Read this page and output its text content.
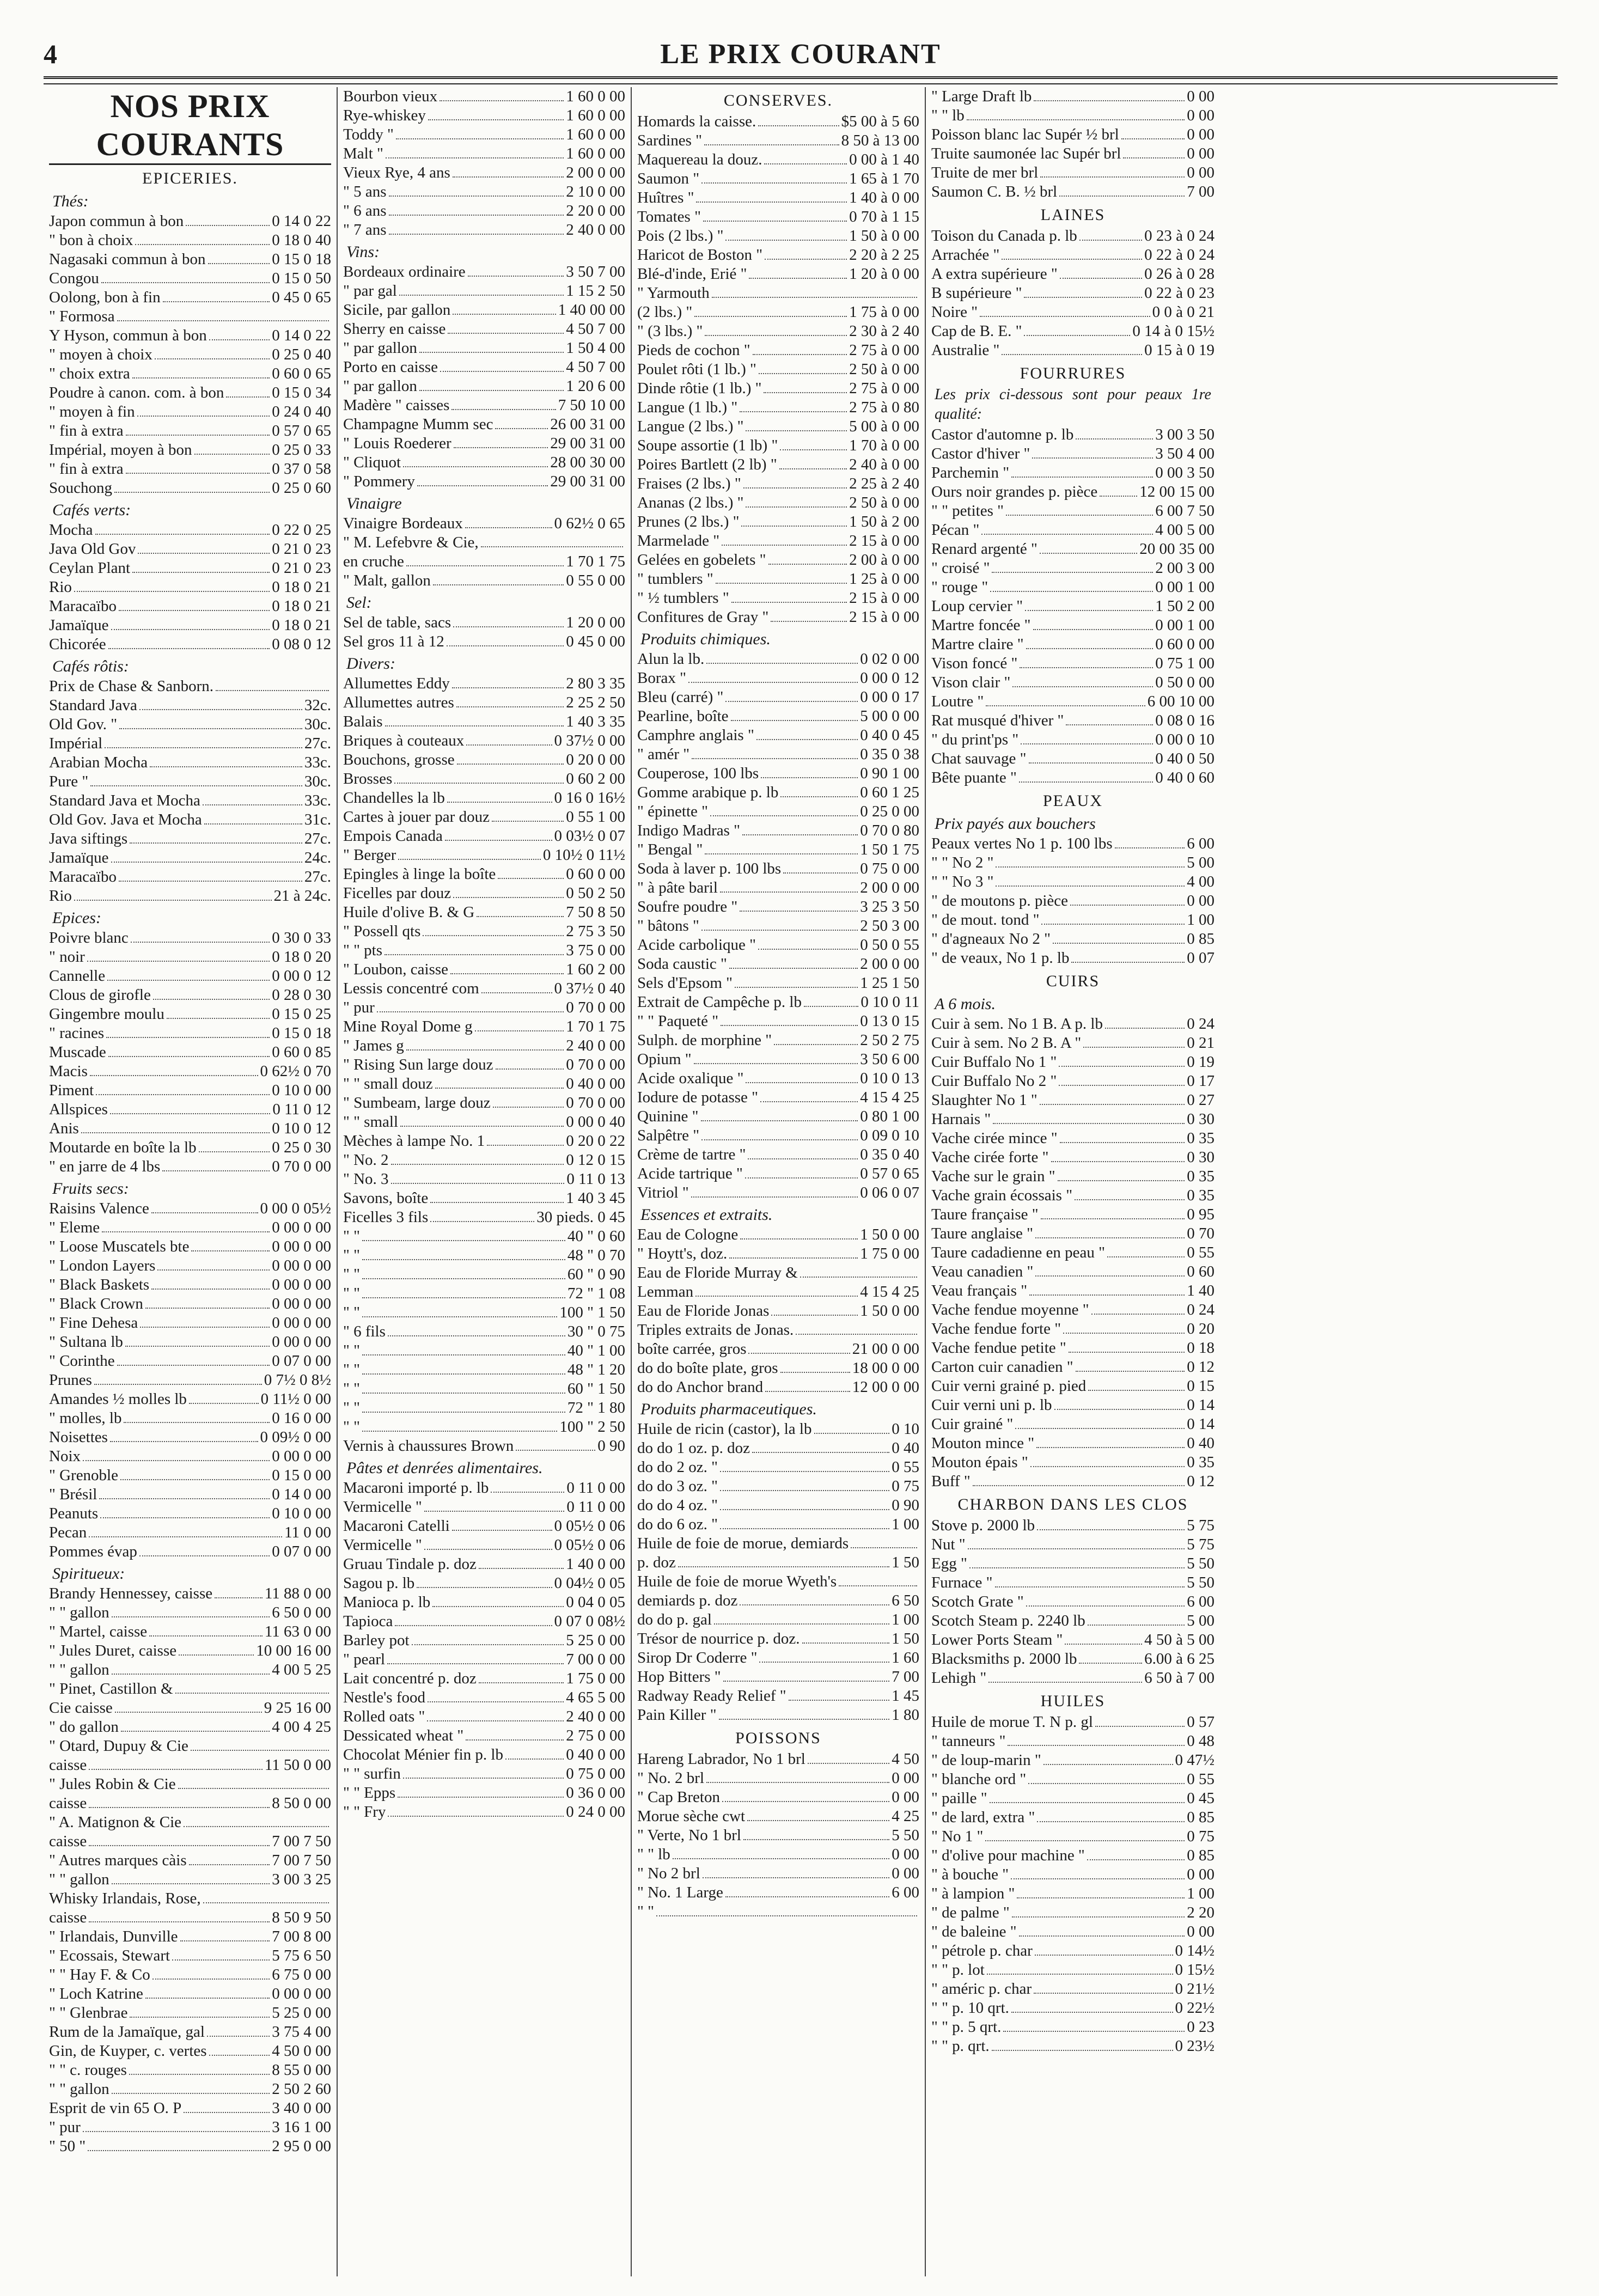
4	LE PRIX COURANT
NOS PRIX COURANTS
EPICERIES.
Thés:
Japon commun à bon	0 14 0 22
" bon à choix	0 18 0 40
Nagasaki commun à bon	0 15 0 18
Congou	0 15 0 50
Oolong, bon à fin	0 45 0 65
" Formosa
Y Hyson, commun à bon	0 14 0 22
" moyen à choix	0 25 0 40
" choix extra	0 60 0 65
Poudre à canon. com. à bon	0 15 0 34
" moyen à fin	0 24 0 40
" fin à extra	0 57 0 65
Impérial, moyen à bon	0 25 0 33
" fin à extra	0 37 0 58
Souchong	0 25 0 60
Cafés verts:
Mocha	0 22 0 25
Java Old Gov	0 21 0 23
Ceylan Plant	0 21 0 23
Rio	0 18 0 21
Maracaïbo	0 18 0 21
Jamaïque	0 18 0 21
Chicorée	0 08 0 12
Cafés rôtis:
Prix de Chase & Sanborn.
Standard Java	32c.
Old Gov. "	30c.
Impérial	27c.
Arabian Mocha	33c.
Pure "	30c.
Standard Java et Mocha	33c.
Old Gov. Java et Mocha	31c.
Java siftings	27c.
Jamaïque	24c.
Maracaïbo	27c.
Rio	21 à 24c.
Epices:
Poivre blanc	0 30 0 33
" noir	0 18 0 20
Cannelle	0 00 0 12
Clous de girofle	0 28 0 30
Gingembre moulu	0 15 0 25
" racines	0 15 0 18
Muscade	0 60 0 85
Macis	0 62½ 0 70
Piment	0 10 0 00
Allspices	0 11 0 12
Anis	0 10 0 12
Moutarde en boîte la lb	0 25 0 30
" en jarre de 4 lbs	0 70 0 00
Fruits secs:
Raisins Valence	0 00 0 05½
" Eleme	0 00 0 00
" Loose Muscatels bte	0 00 0 00
" London Layers	0 00 0 00
" Black Baskets	0 00 0 00
" Black Crown	0 00 0 00
" Fine Dehesa	0 00 0 00
" Sultana lb	0 00 0 00
" Corinthe	0 07 0 00
Prunes	0 7½ 0 8½
Amandes ½ molles lb	0 11½ 0 00
" molles, lb	0 16 0 00
Noisettes	0 09½ 0 00
Noix	0 00 0 00
" Grenoble	0 15 0 00
" Brésil	0 14 0 00
Peanuts	0 10 0 00
Pecan	11 0 00
Pommes évap	0 07 0 00
Spiritueux:
Brandy Hennessey, caisse	11 88 0 00
" " gallon	6 50 0 00
" Martel, caisse	11 63 0 00
" Jules Duret, caisse	10 00 16 00
" " gallon	4 00 5 25
" Pinet, Castillon &
Cie caisse	9 25 16 00
" do gallon	4 00 4 25
" Otard, Dupuy & Cie
caisse	11 50 0 00
" Jules Robin & Cie
caisse	8 50 0 00
" A. Matignon & Cie
caisse	7 00 7 50
" Autres marques càis	7 00 7 50
" " gallon	3 00 3 25
Whisky Irlandais, Rose,
caisse	8 50 9 50
" Irlandais, Dunville	7 00 8 00
" Ecossais, Stewart	5 75 6 50
" " Hay F. & Co	6 75 0 00
" Loch Katrine	0 00 0 00
" " Glenbrae	5 25 0 00
Rum de la Jamaïque, gal	3 75 4 00
Gin, de Kuyper, c. vertes	4 50 0 00
" " c. rouges	8 55 0 00
" " gallon	2 50 2 60
Esprit de vin 65 O. P	3 40 0 00
" pur	3 16 1 00
" 50 "	2 95 0 00
Bourbon vieux	1 60 0 00
Rye-whiskey	1 60 0 00
Toddy "	1 60 0 00
Malt "	1 60 0 00
Vieux Rye, 4 ans	2 00 0 00
" 5 ans	2 10 0 00
" 6 ans	2 20 0 00
" 7 ans	2 40 0 00
Vins:
Bordeaux ordinaire	3 50 7 00
" par gal	1 15 2 50
Sicile, par gallon	1 40 00 00
Sherry en caisse	4 50 7 00
" par gallon	1 50 4 00
Porto en caisse	4 50 7 00
" par gallon	1 20 6 00
Madère " caisses	7 50 10 00
Champagne Mumm sec	26 00 31 00
" Louis Roederer	29 00 31 00
" Cliquot	28 00 30 00
" Pommery	29 00 31 00
Vinaigre
Vinaigre Bordeaux	0 62½ 0 65
" M. Lefebvre & Cie,
en cruche	1 70 1 75
" Malt, gallon	0 55 0 00
Sel:
Sel de table, sacs	1 20 0 00
Sel gros 11 à 12	0 45 0 00
Divers:
Allumettes Eddy	2 80 3 35
Allumettes autres	2 25 2 50
Balais	1 40 3 35
Briques à couteaux	0 37½ 0 00
Bouchons, grosse	0 20 0 00
Brosses	0 60 2 00
Chandelles la lb	0 16 0 16½
Cartes à jouer par douz	0 55 1 00
Empois Canada	0 03½ 0 07
" Berger	0 10½ 0 11½
Epingles à linge la boîte	0 60 0 00
Ficelles par douz	0 50 2 50
Huile d'olive B. & G	7 50 8 50
" Possell qts	2 75 3 50
" " pts	3 75 0 00
" Loubon, caisse	1 60 2 00
Lessis concentré com	0 37½ 0 40
" pur	0 70 0 00
Mine Royal Dome g	1 70 1 75
" James g	2 40 0 00
" Rising Sun large douz	0 70 0 00
" " small douz	0 40 0 00
" Sumbeam, large douz	0 70 0 00
" " small	0 00 0 40
Mèches à lampe No. 1	0 20 0 22
" No. 2	0 12 0 15
" No. 3	0 11 0 13
Savons, boîte	1 40 3 45
Ficelles 3 fils	30 pieds. 0 45
" "	40 " 0 60
" "	48 " 0 70
" "	60 " 0 90
" "	72 " 1 08
" "	100 " 1 50
" 6 fils	30 " 0 75
" "	40 " 1 00
" "	48 " 1 20
" "	60 " 1 50
" "	72 " 1 80
" "	100 " 2 50
Vernis à chaussures Brown	0 90
Pâtes et denrées alimentaires.
Macaroni importé p. lb	0 11 0 00
Vermicelle "	0 11 0 00
Macaroni Catelli	0 05½ 0 06
Vermicelle "	0 05½ 0 06
Gruau Tindale p. doz	1 40 0 00
Sagou p. lb	0 04½ 0 05
Manioca p. lb	0 04 0 05
Tapioca	0 07 0 08½
Barley pot	5 25 0 00
" pearl	7 00 0 00
Lait concentré p. doz	1 75 0 00
Nestle's food	4 65 5 00
Rolled oats "	2 40 0 00
Dessicated wheat "	2 75 0 00
Chocolat Ménier fin p. lb	0 40 0 00
" " surfin	0 75 0 00
" " Epps	0 36 0 00
" " Fry	0 24 0 00
CONSERVES.
Homards la caisse.	$5 00 à 5 60
Sardines "	8 50 à 13 00
Maquereau la douz.	0 00 à 1 40
Saumon "	1 65 à 1 70
Huîtres "	1 40 à 0 00
Tomates "	0 70 à 1 15
Pois (2 lbs.) "	1 50 à 0 00
Haricot de Boston "	2 20 à 2 25
Blé-d'inde, Erié "	1 20 à 0 00
" Yarmouth
(2 lbs.) "	1 75 à 0 00
" (3 lbs.) "	2 30 à 2 40
Pieds de cochon "	2 75 à 0 00
Poulet rôti (1 lb.) "	2 50 à 0 00
Dinde rôtie (1 lb.) "	2 75 à 0 00
Langue (1 lb.) "	2 75 à 0 80
Langue (2 lbs.) "	5 00 à 0 00
Soupe assortie (1 lb) "	1 70 à 0 00
Poires Bartlett (2 lb) "	2 40 à 0 00
Fraises (2 lbs.) "	2 25 à 2 40
Ananas (2 lbs.) "	2 50 à 0 00
Prunes (2 lbs.) "	1 50 à 2 00
Marmelade "	2 15 à 0 00
Gelées en gobelets "	2 00 à 0 00
" tumblers "	1 25 à 0 00
" ½ tumblers "	2 15 à 0 00
Confitures de Gray "	2 15 à 0 00
Produits chimiques.
Alun la lb.	0 02 0 00
Borax "	0 00 0 12
Bleu (carré) "	0 00 0 17
Pearline, boîte	5 00 0 00
Camphre anglais "	0 40 0 45
" amér "	0 35 0 38
Couperose, 100 lbs	0 90 1 00
Gomme arabique p. lb	0 60 1 25
" épinette "	0 25 0 00
Indigo Madras "	0 70 0 80
" Bengal "	1 50 1 75
Soda à laver p. 100 lbs	0 75 0 00
" à pâte baril	2 00 0 00
Soufre poudre "	3 25 3 50
" bâtons "	2 50 3 00
Acide carbolique "	0 50 0 55
Soda caustic "	2 00 0 00
Sels d'Epsom "	1 25 1 50
Extrait de Campêche p. lb	0 10 0 11
" " Paqueté "	0 13 0 15
Sulph. de morphine "	2 50 2 75
Opium "	3 50 6 00
Acide oxalique "	0 10 0 13
Iodure de potasse "	4 15 4 25
Quinine "	0 80 1 00
Salpêtre "	0 09 0 10
Crème de tartre "	0 35 0 40
Acide tartrique "	0 57 0 65
Vitriol "	0 06 0 07
Essences et extraits.
Eau de Cologne	1 50 0 00
" Hoytt's, doz.	1 75 0 00
Eau de Floride Murray &
Lemman	4 15 4 25
Eau de Floride Jonas	1 50 0 00
Triples extraits de Jonas.
boîte carrée, gros	21 00 0 00
do do boîte plate, gros	18 00 0 00
do do Anchor brand	12 00 0 00
Produits pharmaceutiques.
Huile de ricin (castor), la lb	0 10
do do 1 oz. p. doz	0 40
do do 2 oz. "	0 55
do do 3 oz. "	0 75
do do 4 oz. "	0 90
do do 6 oz. "	1 00
Huile de foie de morue, demiards
p. doz	1 50
Huile de foie de morue Wyeth's
demiards p. doz	6 50
do do p. gal	1 00
Trésor de nourrice p. doz.	1 50
Sirop Dr Coderre "	1 60
Hop Bitters "	7 00
Radway Ready Relief "	1 45
Pain Killer "	1 80
POISSONS
Hareng Labrador, No 1 brl	4 50
" No. 2 brl	0 00
" Cap Breton	0 00
Morue sèche cwt	4 25
" Verte, No 1 brl	5 50
" " lb	0 00
" No 2 brl	0 00
" No. 1 Large	6 00
" "
" Large Draft lb	0 00
" " lb	0 00
Poisson blanc lac Supér ½ brl	0 00
Truite saumonée lac Supér brl	0 00
Truite de mer brl	0 00
Saumon C. B. ½ brl	7 00
LAINES
Toison du Canada p. lb	0 23 à 0 24
Arrachée "	0 22 à 0 24
A extra supérieure "	0 26 à 0 28
B supérieure "	0 22 à 0 23
Noire "	0 0 à 0 21
Cap de B. E. "	0 14 à 0 15½
Australie "	0 15 à 0 19
FOURRURES
Les prix ci-dessous sont pour peaux 1re qualité:
Castor d'automne p. lb	3 00 3 50
Castor d'hiver "	3 50 4 00
Parchemin "	0 00 3 50
Ours noir grandes p. pièce	12 00 15 00
" " petites "	6 00 7 50
Pécan "	4 00 5 00
Renard argenté "	20 00 35 00
" croisé "	2 00 3 00
" rouge "	0 00 1 00
Loup cervier "	1 50 2 00
Martre foncée "	0 00 1 00
Martre claire "	0 60 0 00
Vison foncé "	0 75 1 00
Vison clair "	0 50 0 00
Loutre "	6 00 10 00
Rat musqué d'hiver "	0 08 0 16
" du print'ps "	0 00 0 10
Chat sauvage "	0 40 0 50
Bête puante "	0 40 0 60
PEAUX
Prix payés aux bouchers
Peaux vertes No 1 p. 100 lbs	6 00
" " No 2 "	5 00
" " No 3 "	4 00
" de moutons p. pièce	0 00
" de mout. tond "	1 00
" d'agneaux No 2 "	0 85
" de veaux, No 1 p. lb	0 07
CUIRS
A 6 mois.
Cuir à sem. No 1 B. A p. lb	0 24
Cuir à sem. No 2 B. A "	0 21
Cuir Buffalo No 1 "	0 19
Cuir Buffalo No 2 "	0 17
Slaughter No 1 "	0 27
Harnais "	0 30
Vache cirée mince "	0 35
Vache cirée forte "	0 30
Vache sur le grain "	0 35
Vache grain écossais "	0 35
Taure française "	0 95
Taure anglaise "	0 70
Taure cadadienne en peau "	0 55
Veau canadien "	0 60
Veau français "	1 40
Vache fendue moyenne "	0 24
Vache fendue forte "	0 20
Vache fendue petite "	0 18
Carton cuir canadien "	0 12
Cuir verni grainé p. pied	0 15
Cuir verni uni p. lb	0 14
Cuir grainé "	0 14
Mouton mince "	0 40
Mouton épais "	0 35
Buff "	0 12
CHARBON DANS LES CLOS
Stove p. 2000 lb	5 75
Nut "	5 75
Egg "	5 50
Furnace "	5 50
Scotch Grate "	6 00
Scotch Steam p. 2240 lb	5 00
Lower Ports Steam "	4 50 à 5 00
Blacksmiths p. 2000 lb	6.00 à 6 25
Lehigh "	6 50 à 7 00
HUILES
Huile de morue T. N p. gl	0 57
" tanneurs "	0 48
" de loup-marin "	0 47½
" blanche ord "	0 55
" paille "	0 45
" de lard, extra "	0 85
" No 1 "	0 75
" d'olive pour machine "	0 85
" à bouche "	0 00
" à lampion "	1 00
" de palme "	2 20
" de baleine "	0 00
" pétrole p. char	0 14½
" " p. lot	0 15½
" améric p. char	0 21½
" " p. 10 qrt.	0 22½
" " p. 5 qrt.	0 23
" " p. qrt.	0 23½
